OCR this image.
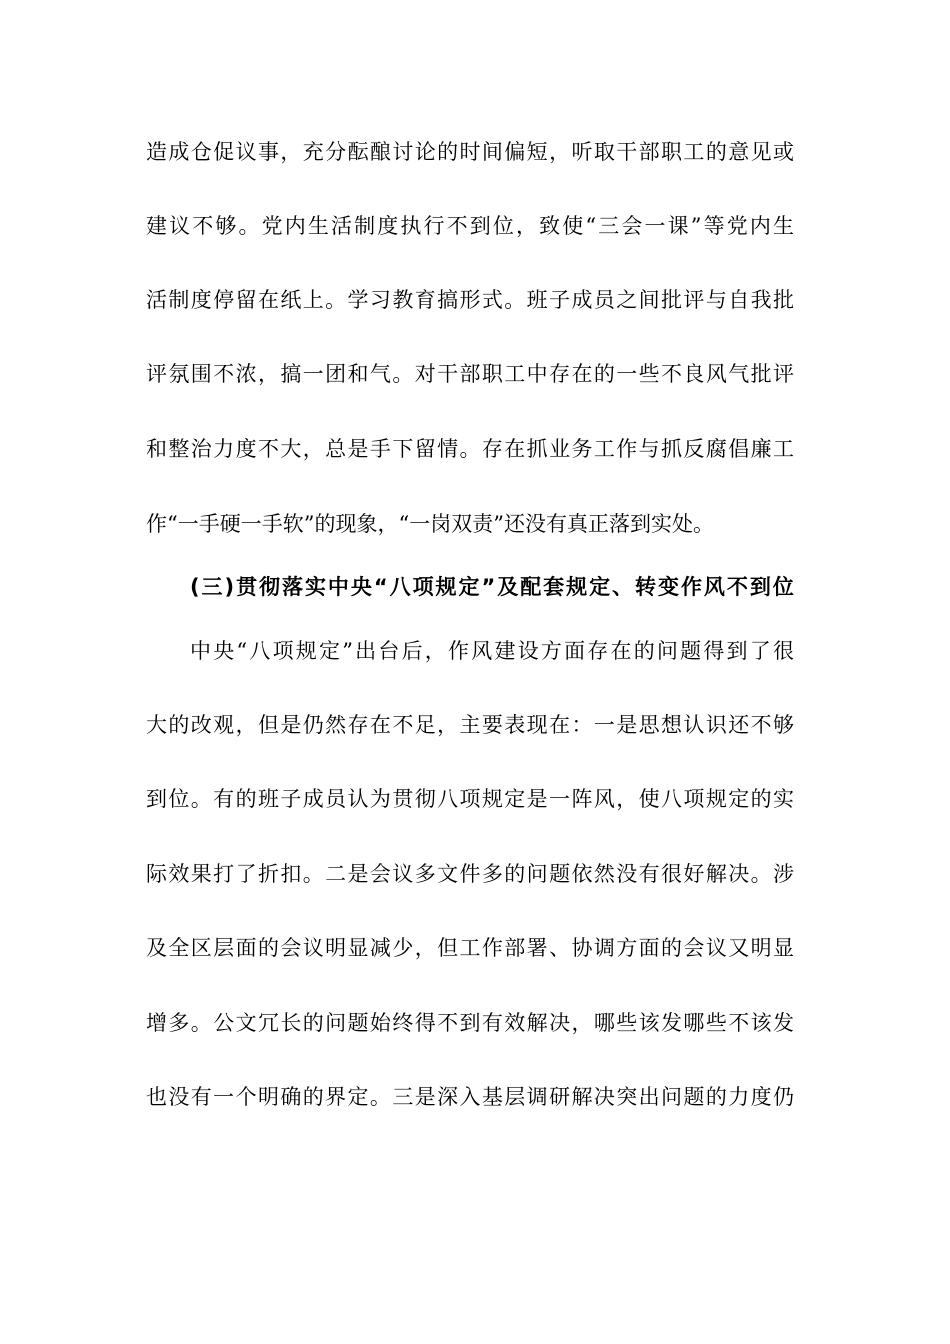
造成仓促议事，充分酝酿讨论的时间偏短，听取干部职工的意见或
建议不够。党内生活制度执行不到位，致使“三会一课”等党内生
活制度停留在纸上。学习教育搞形式。班子成员之间批评与自我批
评氛围不浓，搞一团和气。对干部职工中存在的一些不良风气批评
和整治力度不大，总是手下留情。存在抓业务工作与抓反腐倡廉工
作“一手硬一手软”的现象，“一岗双责”还没有真正落到实处。
(三)贯彻落实中央“八项规定”及配套规定、转变作风不到位
中央“八项规定”出台后，作风建设方面存在的问题得到了很
大的改观，但是仍然存在不足，主要表现在：一是思想认识还不够
到位。有的班子成员认为贯彻八项规定是一阵风，使八项规定的实
际效果打了折扣。二是会议多文件多的问题依然没有很好解决。涉
及全区层面的会议明显减少，但工作部署、协调方面的会议又明显
增多。公文冗长的问题始终得不到有效解决，哪些该发哪些不该发
也没有一个明确的界定。三是深入基层调研解决突出问题的力度仍
